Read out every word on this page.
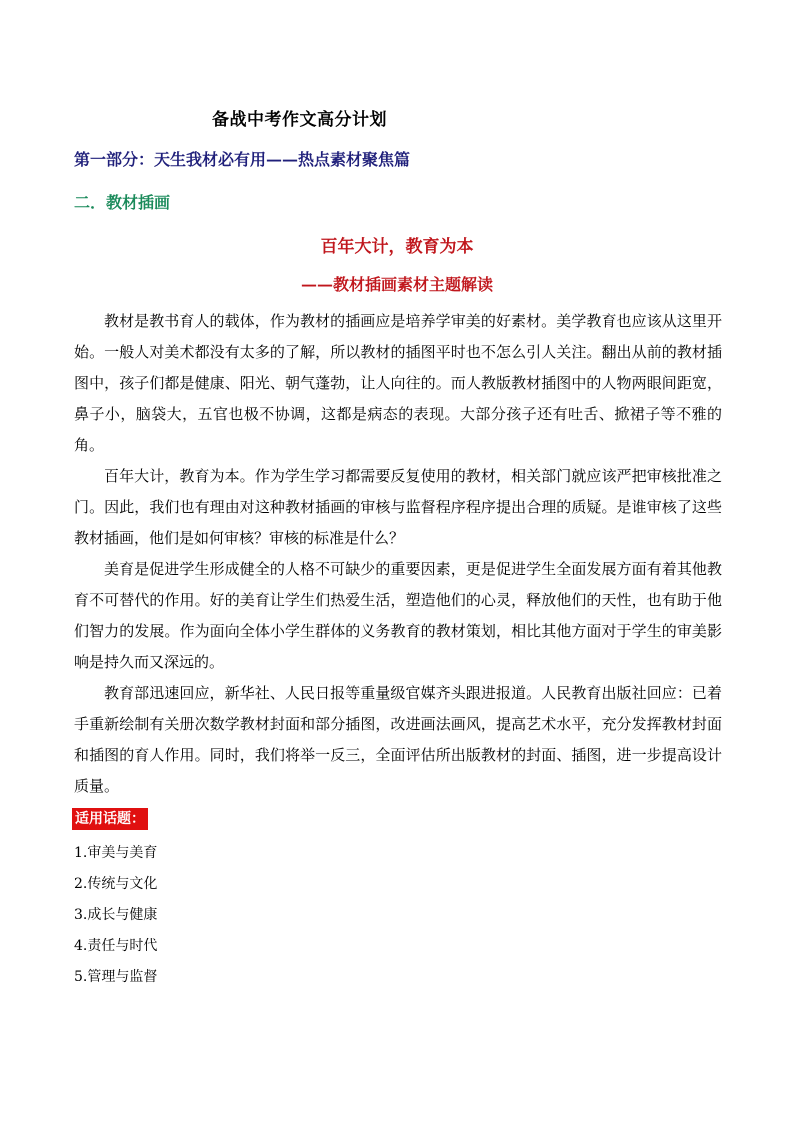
备战中考作文高分计划
第一部分：天生我材必有用——热点素材聚焦篇
二．教材插画
百年大计，教育为本
——教材插画素材主题解读

教材是教书育人的载体，作为教材的插画应是培养学审美的好素材。美学教育也应该从这里开始。一般人对美术都没有太多的了解，所以教材的插图平时也不怎么引人关注。翻出从前的教材插图中，孩子们都是健康、阳光、朝气蓬勃，让人向往的。而人教版教材插图中的人物两眼间距宽，鼻子小，脑袋大，五官也极不协调，这都是病态的表现。大部分孩子还有吐舌、掀裙子等不雅的角。

百年大计，教育为本。作为学生学习都需要反复使用的教材，相关部门就应该严把审核批准之门。因此，我们也有理由对这种教材插画的审核与监督程序程序提出合理的质疑。是谁审核了这些教材插画，他们是如何审核？审核的标准是什么？

美育是促进学生形成健全的人格不可缺少的重要因素，更是促进学生全面发展方面有着其他教育不可替代的作用。好的美育让学生们热爱生活，塑造他们的心灵，释放他们的天性，也有助于他们智力的发展。作为面向全体小学生群体的义务教育的教材策划，相比其他方面对于学生的审美影响是持久而又深远的。

教育部迅速回应，新华社、人民日报等重量级官媒齐头跟进报道。人民教育出版社回应：已着手重新绘制有关册次数学教材封面和部分插图，改进画法画风，提高艺术水平，充分发挥教材封面和插图的育人作用。同时，我们将举一反三，全面评估所出版教材的封面、插图，进一步提高设计质量。

适用话题：
1.审美与美育
2.传统与文化
3.成长与健康
4.责任与时代
5.管理与监督
